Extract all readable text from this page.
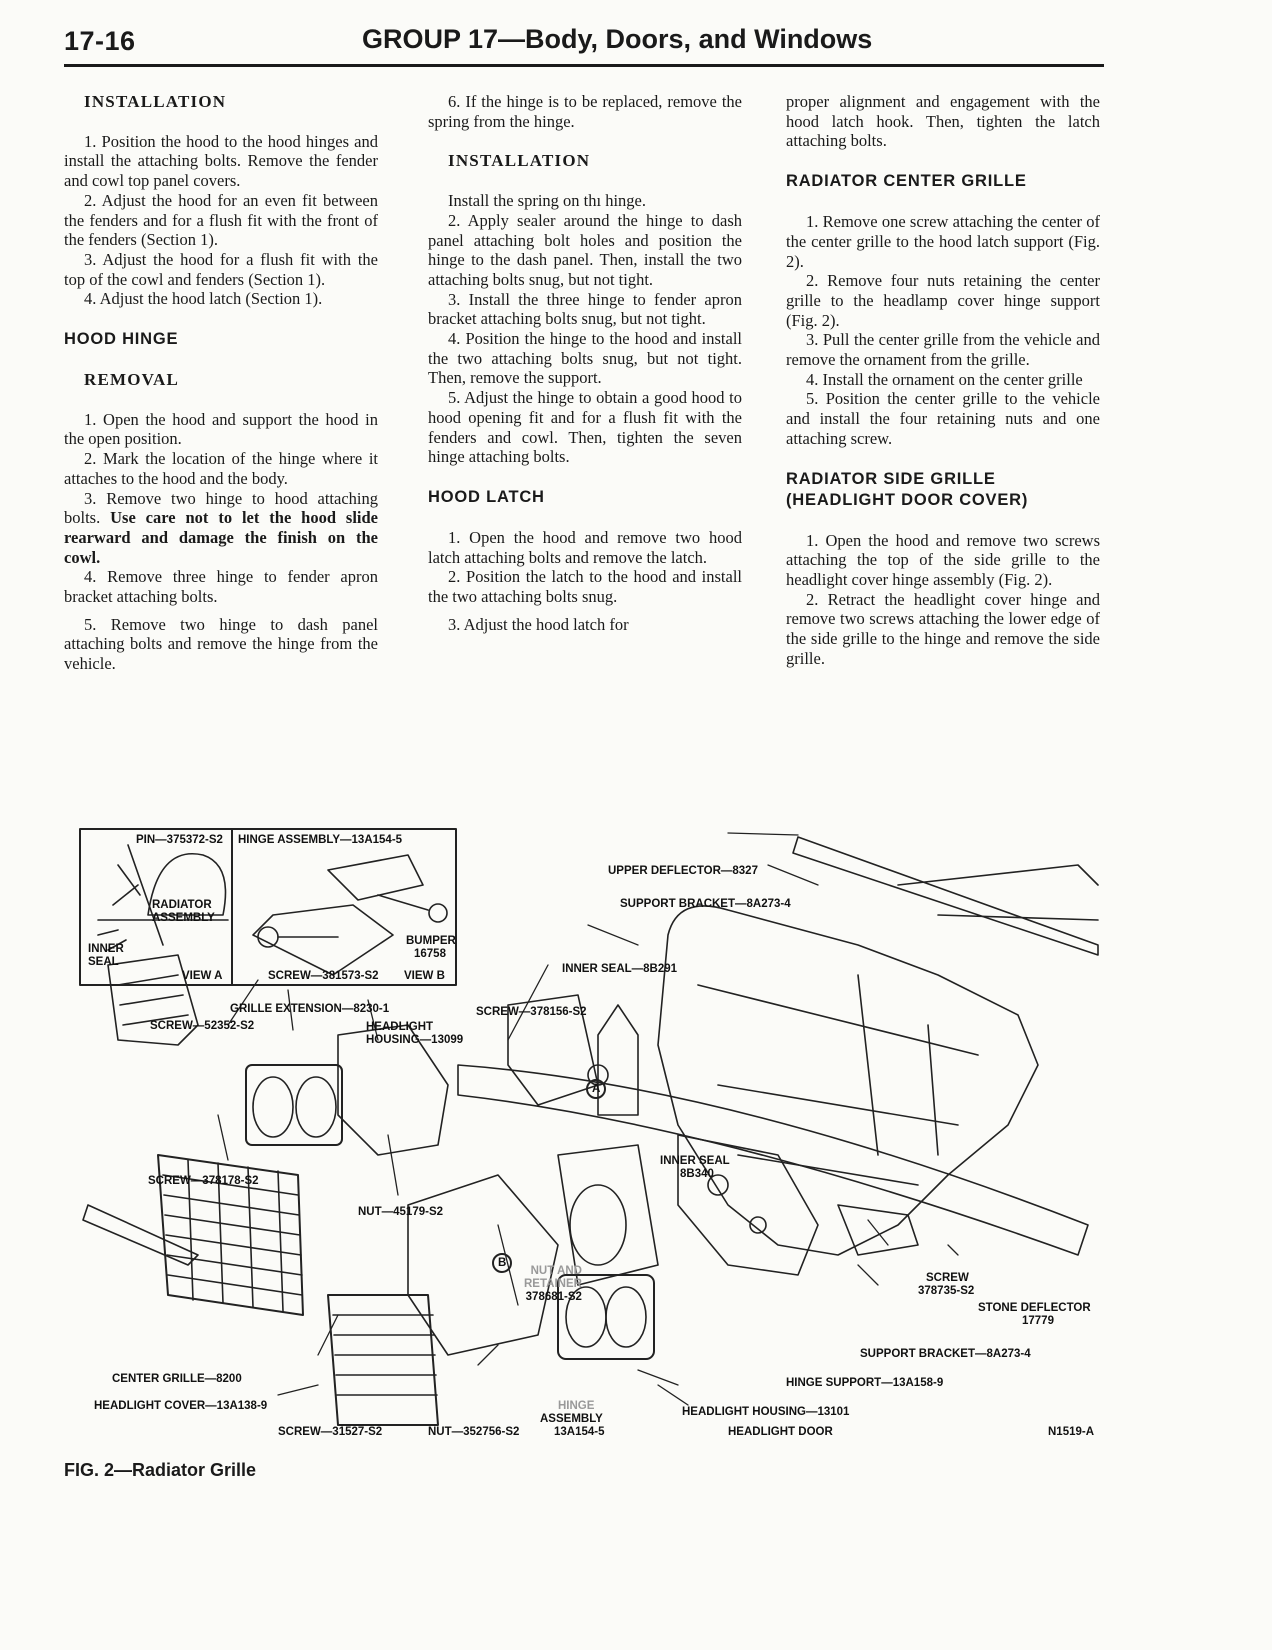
17-16	GROUP 17—Body, Doors, and Windows
INSTALLATION

1. Position the hood to the hood hinges and install the attaching bolts. Remove the fender and cowl top panel covers.

2. Adjust the hood for an even fit between the fenders and for a flush fit with the front of the fenders (Section 1).

3. Adjust the hood for a flush fit with the top of the cowl and fenders (Section 1).

4. Adjust the hood latch (Section 1).

HOOD HINGE
REMOVAL

1. Open the hood and support the hood in the open position.

2. Mark the location of the hinge where it attaches to the hood and the body.

3. Remove two hinge to hood attaching bolts. Use care not to let the hood slide rearward and damage the finish on the cowl.

4. Remove three hinge to fender apron bracket attaching bolts.

5. Remove two hinge to dash panel attaching bolts and remove the hinge from the vehicle.

6. If the hinge is to be replaced, remove the spring from the hinge.

INSTALLATION

Install the spring on thı hinge.

2. Apply sealer around the hinge to dash panel attaching bolt holes and position the hinge to the dash panel. Then, install the two attaching bolts snug, but not tight.

3. Install the three hinge to fender apron bracket attaching bolts snug, but not tight.

4. Position the hinge to the hood and install the two attaching bolts snug, but not tight. Then, remove the support.

5. Adjust the hinge to obtain a good hood to hood opening fit and for a flush fit with the fenders and cowl. Then, tighten the seven hinge attaching bolts.

HOOD LATCH

1. Open the hood and remove two hood latch attaching bolts and remove the latch.

2. Position the latch to the hood and install the two attaching bolts snug.

3. Adjust the hood latch for

proper alignment and engagement with the hood latch hook. Then, tighten the latch attaching bolts.

RADIATOR CENTER GRILLE

1. Remove one screw attaching the center of the center grille to the hood latch support (Fig. 2).

2. Remove four nuts retaining the center grille to the headlamp cover hinge support (Fig. 2).

3. Pull the center grille from the vehicle and remove the ornament from the grille.

4. Install the ornament on the center grille

5. Position the center grille to the vehicle and install the four retaining nuts and one attaching screw.

RADIATOR SIDE GRILLE
(HEADLIGHT DOOR COVER)

1. Open the hood and remove two screws attaching the top of the side grille to the headlight cover hinge assembly (Fig. 2).

2. Retract the headlight cover hinge and remove two screws attaching the lower edge of the side grille to the hinge and remove the side grille.

PIN—375372-S2 HINGE ASSEMBLY—13A154-5
RADIATOR
ASSEMBLY
INNER
SEAL
VIEW A
BUMPER
16758
SCREW—381573-S2 VIEW B
UPPER DEFLECTOR—8327
SUPPORT BRACKET—8A273-4
INNER SEAL—8B291
GRILLE EXTENSION—8230-1
SCREW—52352-S2	HEADLIGHT
HOUSING—13099
SCREW—378156-S2
INNER SEAL
8B340
SCREW—378178-S2
NUT—45179-S2
NUT AND
RETAINER
378681-S2
SCREW
378735-S2
STONE DEFLECTOR
17779
SUPPORT BRACKET—8A273-4
CENTER GRILLE—8200	HINGE SUPPORT—13A158-9
HEADLIGHT COVER—13A138-9	HINGE
ASSEMBLY
13A154-5
HEADLIGHT HOUSING—13101
SCREW—31527-S2	NUT—352756-S2	HEADLIGHT DOOR	N1519-A
A
B
FIG. 2—Radiator Grille
